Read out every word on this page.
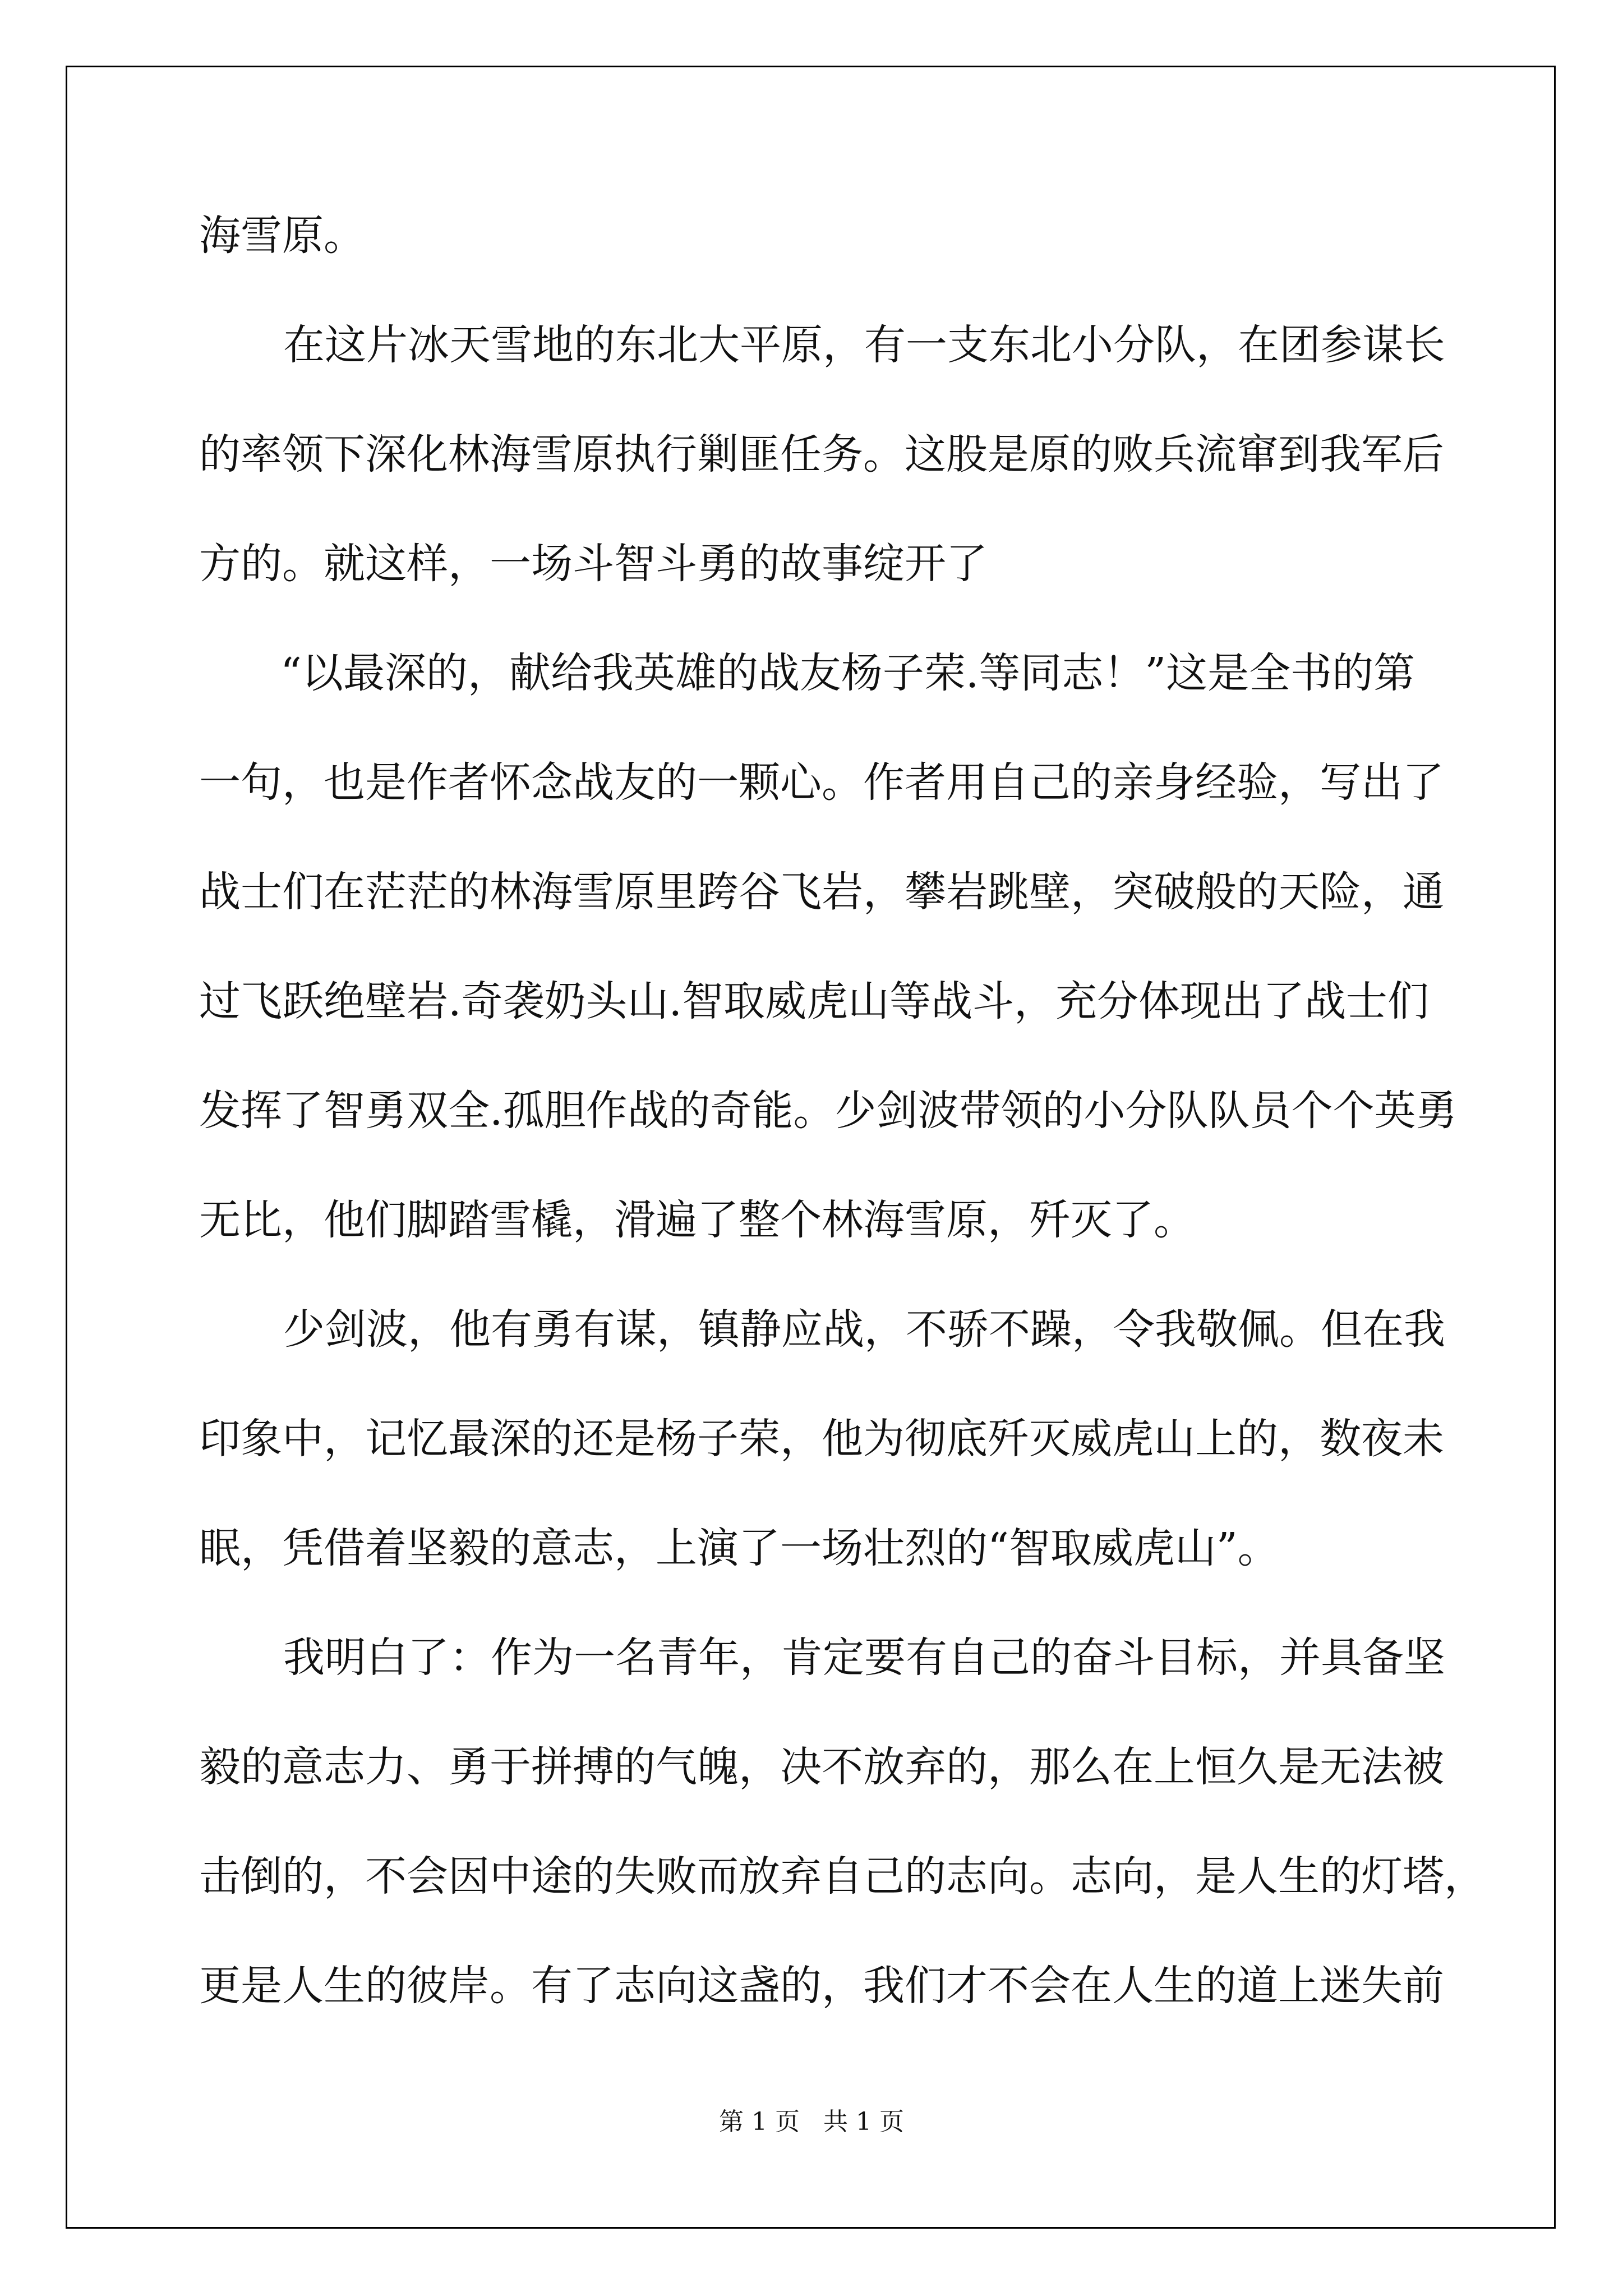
海雪原。

在这片冰天雪地的东北大平原，有一支东北小分队，在团参谋长

的率领下深化林海雪原执行剿匪任务。这股是原的败兵流窜到我军后

方的。就这样，一场斗智斗勇的故事绽开了

“以最深的，献给我英雄的战友杨子荣.等同志！”这是全书的第

一句，也是作者怀念战友的一颗心。作者用自己的亲身经验，写出了

战士们在茫茫的林海雪原里跨谷飞岩，攀岩跳壁，突破般的天险，通

过飞跃绝壁岩.奇袭奶头山.智取威虎山等战斗，充分体现出了战士们

发挥了智勇双全.孤胆作战的奇能。少剑波带领的小分队队员个个英勇

无比，他们脚踏雪橇，滑遍了整个林海雪原，歼灭了。

少剑波，他有勇有谋，镇静应战，不骄不躁，令我敬佩。但在我

印象中，记忆最深的还是杨子荣，他为彻底歼灭威虎山上的，数夜未

眠，凭借着坚毅的意志，上演了一场壮烈的“智取威虎山”。

我明白了：作为一名青年，肯定要有自己的奋斗目标，并具备坚

毅的意志力、勇于拼搏的气魄，决不放弃的，那么在上恒久是无法被

击倒的，不会因中途的失败而放弃自己的志向。志向，是人生的灯塔，

更是人生的彼岸。有了志向这盏的，我们才不会在人生的道上迷失前

第 1 页   共 1 页
